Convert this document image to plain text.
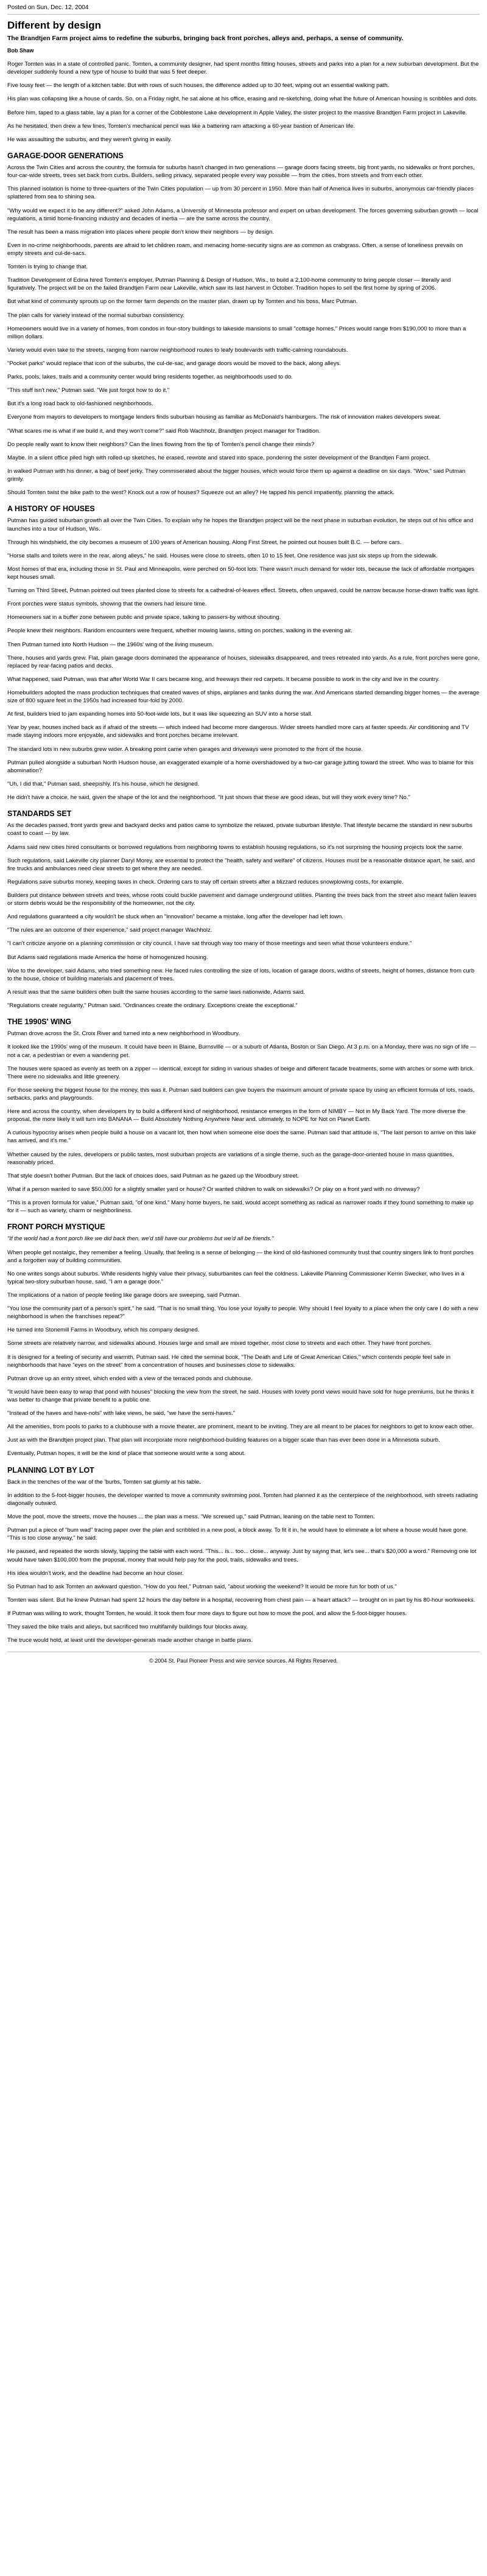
Posted on Sun, Dec. 12, 2004
Different by design
The Brandtjen Farm project aims to redefine the suburbs, bringing back front porches, alleys and, perhaps, a sense of community.
Bob Shaw
Roger Tomten was in a state of controlled panic. Tomten, a community designer, had spent months fitting houses, streets and parks into a plan for a new suburban development. But the developer suddenly found a new type of house to build that was 5 feet deeper.
Five lousy feet — the length of a kitchen table. But with rows of such houses, the difference added up to 30 feet, wiping out an essential walking path.
His plan was collapsing like a house of cards. So, on a Friday night, he sat alone at his office, erasing and re-sketching, doing what the future of American housing is scribbles and dots.
Before him, taped to a glass table, lay a plan for a corner of the Cobblestone Lake development in Apple Valley, the sister project to the massive Brandtjen Farm project in Lakeville.
As he hesitated, then drew a few lines, Tomten's mechanical pencil was like a battering ram attacking a 60-year bastion of American life.
He was assaulting the suburbs, and they weren't giving in easily.
GARAGE-DOOR GENERATIONS
Across the Twin Cities and across the country, the formula for suburbs hasn't changed in two generations — garage doors facing streets, big front yards, no sidewalks or front porches, four-car-wide streets, trees set back from curbs. Builders, selling privacy, separated people every way possible — from the cities, from streets and from each other.
This planned isolation is home to three-quarters of the Twin Cities population — up from 30 percent in 1950. More than half of America lives in suburbs, anonymous car-friendly places splattered from sea to shining sea.
"Why would we expect it to be any different?" asked John Adams, a University of Minnesota professor and expert on urban development. The forces governing suburban growth — local regulations, a timid home-financing industry and decades of inertia — are the same across the country.
The result has been a mass migration into places where people don't know their neighbors — by design.
Even in no-crime neighborhoods, parents are afraid to let children roam, and menacing home-security signs are as common as crabgrass. Often, a sense of loneliness prevails on empty streets and cul-de-sacs.
Tomten is trying to change that.
Tradition Development of Edina hired Tomten's employer, Putman Planning & Design of Hudson, Wis., to build a 2,100-home community to bring people closer — literally and figuratively. The project will be on the failed Brandtjen Farm near Lakeville, which saw its last harvest in October. Tradition hopes to sell the first home by spring of 2006.
But what kind of community sprouts up on the former farm depends on the master plan, drawn up by Tomten and his boss, Marc Putman.
The plan calls for variety instead of the normal suburban consistency.
Homeowners would live in a variety of homes, from condos in four-story buildings to lakeside mansions to small "cottage homes." Prices would range from $190,000 to more than a million dollars.
Variety would even take to the streets, ranging from narrow neighborhood routes to leafy boulevards with traffic-calming roundabouts.
"Pocket parks" would replace that icon of the suburbs, the cul-de-sac, and garage doors would be moved to the back, along alleys.
Parks, pools, lakes, trails and a community center would bring residents together, as neighborhoods used to do.
"This stuff isn't new," Putman said. "We just forgot how to do it."
But it's a long road back to old-fashioned neighborhoods.
Everyone from mayors to developers to mortgage lenders finds suburban housing as familiar as McDonald's hamburgers. The risk of innovation makes developers sweat.
"What scares me is what if we build it, and they won't come?" said Rob Wachholz, Brandtjen project manager for Tradition.
Do people really want to know their neighbors? Can the lines flowing from the tip of Tomten's pencil change their minds?
Maybe. In a silent office piled high with rolled-up sketches, he erased, rewrote and stared into space, pondering the sister development of the Brandtjen Farm project.
In walked Putman with his dinner, a bag of beef jerky. They commiserated about the bigger houses, which would force them up against a deadline on six days. "Wow," said Putman grimly.
Should Tomten twist the bike path to the west? Knock out a row of houses? Squeeze out an alley? He tapped his pencil impatiently, planning the attack.
A HISTORY OF HOUSES
Putman has guided suburban growth all over the Twin Cities. To explain why he hopes the Brandtjen project will be the next phase in suburban evolution, he steps out of his office and launches into a tour of Hudson, Wis.
Through his windshield, the city becomes a museum of 100 years of American housing. Along First Street, he pointed out houses built B.C. — before cars.
"Horse stalls and toilets were in the rear, along alleys," he said. Houses were close to streets, often 10 to 15 feet. One residence was just six steps up from the sidewalk.
Most homes of that era, including those in St. Paul and Minneapolis, were perched on 50-foot lots. There wasn't much demand for wider lots, because the lack of affordable mortgages kept houses small.
Turning on Third Street, Putman pointed out trees planted close to streets for a cathedral-of-leaves effect. Streets, often unpaved, could be narrow because horse-drawn traffic was light.
Front porches were status symbols, showing that the owners had leisure time.
Homeowners sat in a buffer zone between public and private space, talking to passers-by without shouting.
People knew their neighbors. Random encounters were frequent, whether mowing lawns, sitting on porches, walking in the evening air.
Then Putman turned into North Hudson — the 1960s' wing of the living museum.
There, houses and yards grew. Flat, plain garage doors dominated the appearance of houses, sidewalks disappeared, and trees retreated into yards. As a rule, front porches were gone, replaced by rear-facing patios and decks.
What happened, said Putman, was that after World War II cars became king, and freeways their red carpets. It became possible to work in the city and live in the country.
Homebuilders adopted the mass production techniques that created waves of ships, airplanes and tanks during the war. And Americans started demanding bigger homes — the average size of 800 square feet in the 1950s had increased four-fold by 2000.
At first, builders tried to jam expanding homes into 50-foot-wide lots, but it was like squeezing an SUV into a horse stall.
Year by year, houses inched back as if afraid of the streets — which indeed had become more dangerous. Wider streets handled more cars at faster speeds. Air conditioning and TV made staying indoors more enjoyable, and sidewalks and front porches became irrelevant.
The standard lots in new suburbs grew wider. A breaking point came when garages and driveways were promoted to the front of the house.
Putman pulled alongside a suburban North Hudson house, an exaggerated example of a home overshadowed by a two-car garage jutting toward the street. Who was to blame for this abomination?
"Uh, I did that," Putman said, sheepishly. It's his house, which he designed.
He didn't have a choice, he said, given the shape of the lot and the neighborhood. "It just shows that these are good ideas, but will they work every time? No."
STANDARDS SET
As the decades passed, front yards grew and backyard decks and patios came to symbolize the relaxed, private suburban lifestyle. That lifestyle became the standard in new suburbs coast to coast — by law.
Adams said new cities hired consultants or borrowed regulations from neighboring towns to establish housing regulations, so it's not surprising the housing projects look the same.
Such regulations, said Lakeville city planner Daryl Morey, are essential to protect the "health, safety and welfare" of citizens. Houses must be a reasonable distance apart, he said, and fire trucks and ambulances need clear streets to get where they are needed.
Regulations save suburbs money, keeping taxes in check. Ordering cars to stay off certain streets after a blizzard reduces snowplowing costs, for example.
Builders put distance between streets and trees, whose roots could buckle pavement and damage underground utilities. Planting the trees back from the street also meant fallen leaves or storm debris would be the responsibility of the homeowner, not the city.
And regulations guaranteed a city wouldn't be stuck when an "innovation" became a mistake, long after the developer had left town.
"The rules are an outcome of their experience," said project manager Wachholz.
"I can't criticize anyone on a planning commission or city council. I have sat through way too many of those meetings and seen what those volunteers endure."
But Adams said regulations made America the home of homogenized housing.
Woe to the developer, said Adams, who tried something new. He faced rules controlling the size of lots, location of garage doors, widths of streets, height of homes, distance from curb to the house, choice of building materials and placement of trees.
A result was that the same builders often built the same houses according to the same laws nationwide, Adams said.
"Regulations create regularity," Putman said. "Ordinances create the ordinary. Exceptions create the exceptional."
THE 1990S' WING
Putman drove across the St. Croix River and turned into a new neighborhood in Woodbury.
It looked like the 1990s' wing of the museum. It could have been in Blaine, Burnsville — or a suburb of Atlanta, Boston or San Diego. At 3 p.m. on a Monday, there was no sign of life — not a car, a pedestrian or even a wandering pet.
The houses were spaced as evenly as teeth on a zipper — identical, except for siding in various shades of beige and different facade treatments, some with arches or some with brick. There were no sidewalks and little greenery.
For those seeking the biggest house for the money, this was it. Putman said builders can give buyers the maximum amount of private space by using an efficient formula of lots, roads, setbacks, parks and playgrounds.
Here and across the country, when developers try to build a different kind of neighborhood, resistance emerges in the form of NIMBY — Not in My Back Yard. The more diverse the proposal, the more likely it will turn into BANANA — Build Absolutely Nothing Anywhere Near and, ultimately, to NOPE for Not on Planet Earth.
A curious hypocrisy arises when people build a house on a vacant lot, then howl when someone else does the same. Putman said that attitude is, "The last person to arrive on this lake has arrived, and it's me."
Whether caused by the rules, developers or public tastes, most suburban projects are variations of a single theme, such as the garage-door-oriented house in mass quantities, reasonably priced.
That style doesn't bother Putman. But the lack of choices does, said Putman as he gazed up the Woodbury street.
What if a person wanted to save $50,000 for a slightly smaller yard or house? Or wanted children to walk on sidewalks? Or play on a front yard with no driveway?
"This is a proven formula for value," Putman said, "of one kind." Many home buyers, he said, would accept something as radical as narrower roads if they found something to make up for it — such as variety, charm or neighborliness.
FRONT PORCH MYSTIQUE
"If the world had a front porch like we did back then, we'd still have our problems but we'd all be friends."
When people get nostalgic, they remember a feeling. Usually, that feeling is a sense of belonging — the kind of old-fashioned community trust that country singers link to front porches and a forgotten way of building communities.
No one writes songs about suburbs. While residents highly value their privacy, suburbanites can feel the coldness. Lakeville Planning Commissioner Kerrin Swecker, who lives in a typical two-story suburban house, said, "I am a garage door."
The implications of a nation of people feeling like garage doors are sweeping, said Putman.
"You lose the community part of a person's spirit," he said. "That is no small thing. You lose your loyalty to people. Why should I feel loyalty to a place when the only care I do with a new neighborhood is when the franchises repeat?"
He turned into Stonemill Farms in Woodbury, which his company designed.
Some streets are relatively narrow, and sidewalks abound. Houses large and small are mixed together, most close to streets and each other. They have front porches.
It is designed for a feeling of security and warmth, Putman said. He cited the seminal book, "The Death and Life of Great American Cities," which contends people feel safe in neighborhoods that have "eyes on the street" from a concentration of houses and businesses close to sidewalks.
Putman drove up an entry street, which ended with a view of the terraced ponds and clubhouse.
"It would have been easy to wrap that pond with houses" blocking the view from the street, he said. Houses with lovely pond views would have sold for huge premiums, but he thinks it was better to change that private benefit to a public one.
"Instead of the haves and have-nots" with lake views, he said, "we have the semi-haves."
All the amenities, from pools to parks to a clubhouse with a movie theater, are prominent, meant to be inviting. They are all meant to be places for neighbors to get to know each other.
Just as with the Brandtjen project plan. That plan will incorporate more neighborhood-building features on a bigger scale than has ever been done in a Minnesota suburb.
Eventually, Putman hopes, it will be the kind of place that someone would write a song about.
PLANNING LOT BY LOT
Back in the trenches of the war of the 'burbs, Tomten sat glumly at his table.
In addition to the 5-foot-bigger houses, the developer wanted to move a community swimming pool. Tomten had planned it as the centerpiece of the neighborhood, with streets radiating diagonally outward.
Move the pool, move the streets, move the houses ... the plan was a mess. "We screwed up," said Putman, leaning on the table next to Tomten.
Putman put a piece of "bum wad" tracing paper over the plan and scribbled in a new pool, a block away. To fit it in, he would have to eliminate a lot where a house would have gone. "This is too close anyway," he said.
He paused, and repeated the words slowly, tapping the table with each word. "This... is... too... close... anyway. Just by saying that, let's see... that's $20,000 a word." Removing one lot would have taken $100,000 from the proposal, money that would help pay for the pool, trails, sidewalks and trees.
His idea wouldn't work, and the deadline had become an hour closer.
So Putman had to ask Tomten an awkward question. "How do you feel," Putman said, "about working the weekend? It would be more fun for both of us."
Tomten was silent. But he knew Putman had spent 12 hours the day before in a hospital, recovering from chest pain — a heart attack? — brought on in part by his 80-hour workweeks.
If Putman was willing to work, thought Tomten, he would. It took them four more days to figure out how to move the pool, and allow the 5-foot-bigger houses.
They saved the bike trails and alleys, but sacrificed two multifamily buildings four blocks away.
The truce would hold, at least until the developer-generals made another change in battle plans.
© 2004 St. Paul Pioneer Press and wire service sources. All Rights Reserved.
